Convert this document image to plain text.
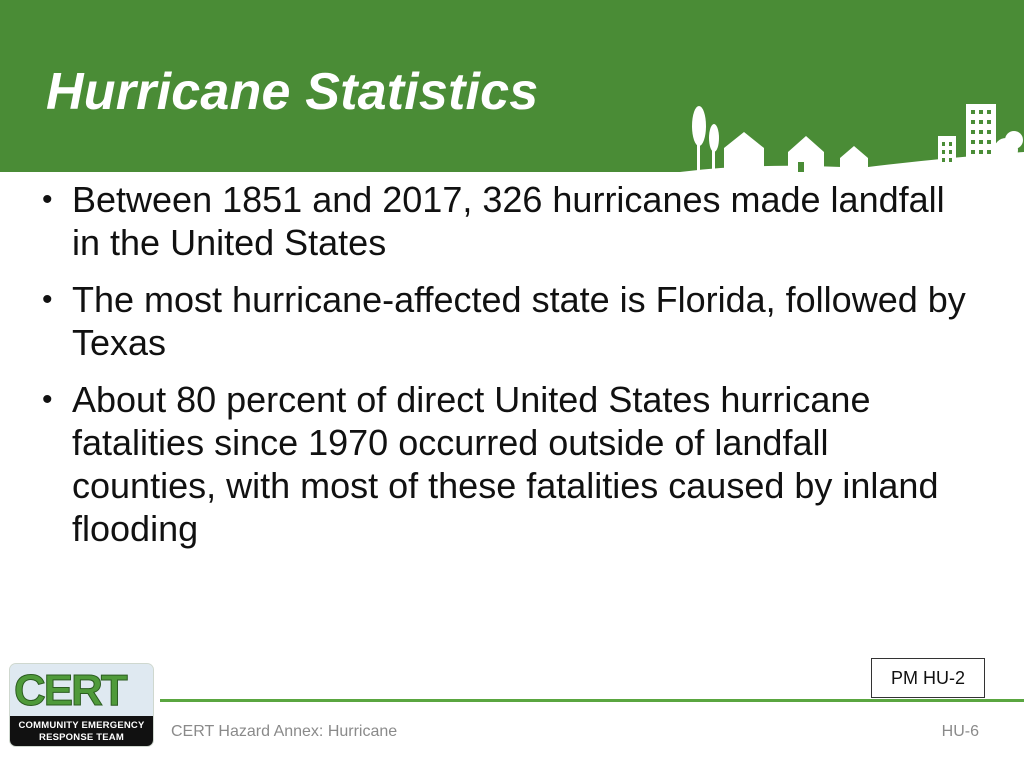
Hurricane Statistics
• Between 1851 and 2017, 326 hurricanes made landfall in the United States
• The most hurricane-affected state is Florida, followed by Texas
• About 80 percent of direct United States hurricane fatalities since 1970 occurred outside of landfall counties, with most of these fatalities caused by inland flooding
PM HU-2
CERT
COMMUNITY EMERGENCY
RESPONSE TEAM	CERT Hazard Annex: Hurricane	HU-6
